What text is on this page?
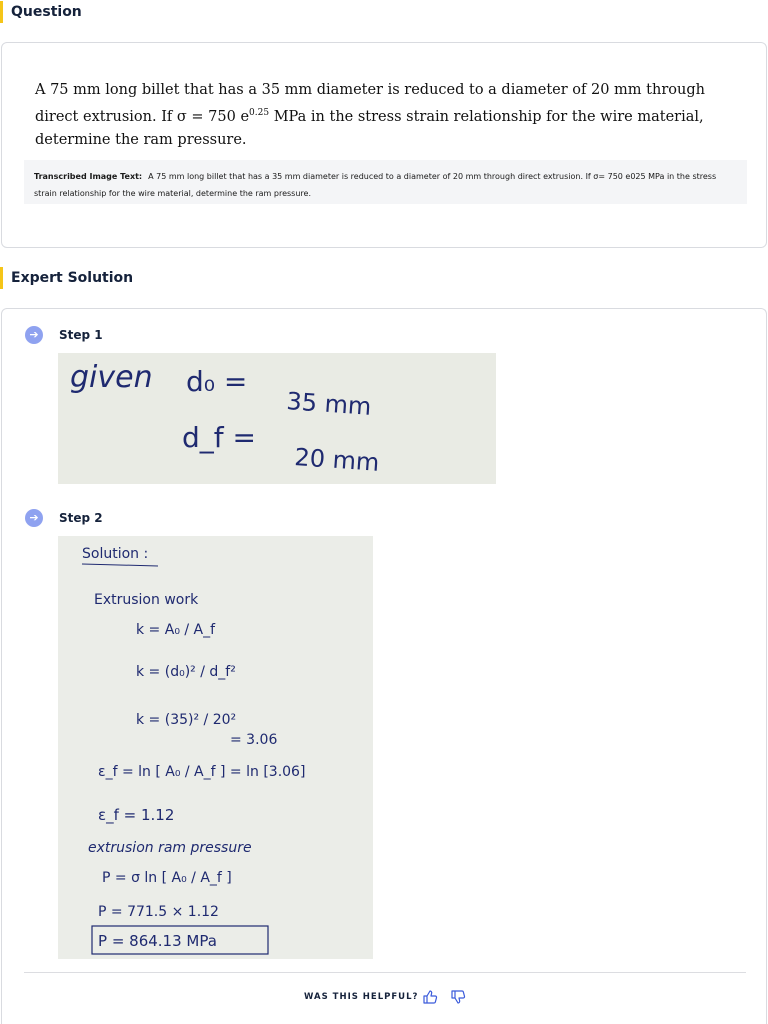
Question
A 75 mm long billet that has a 35 mm diameter is reduced to a diameter of 20 mm through direct extrusion. If σ = 750 $e^{0.25}$ MPa in the stress strain relationship for the wire material, determine the ram pressure.
Transcribed Image Text: A 75 mm long billet that has a 35 mm diameter is reduced to a diameter of 20 mm through direct extrusion. If σ= 750 e025 MPa in the stress strain relationship for the wire material, determine the ram pressure.
Expert Solution
➔	Step 1
given d₀ =
35 mm
d_f =
20 mm
➔	Step 2
Solution :
Extrusion work
k = A₀ / A_f
k = (d₀)² / d_f²
k = (35)² / 20²
= 3.06
ε_f = ln [ A₀ / A_f ] = ln [3.06]
ε_f = 1.12
extrusion ram pressure
P = σ ln [ A₀ / A_f ]
P = 771.5 × 1.12
P = 864.13 MPa
WAS THIS HELPFUL?
